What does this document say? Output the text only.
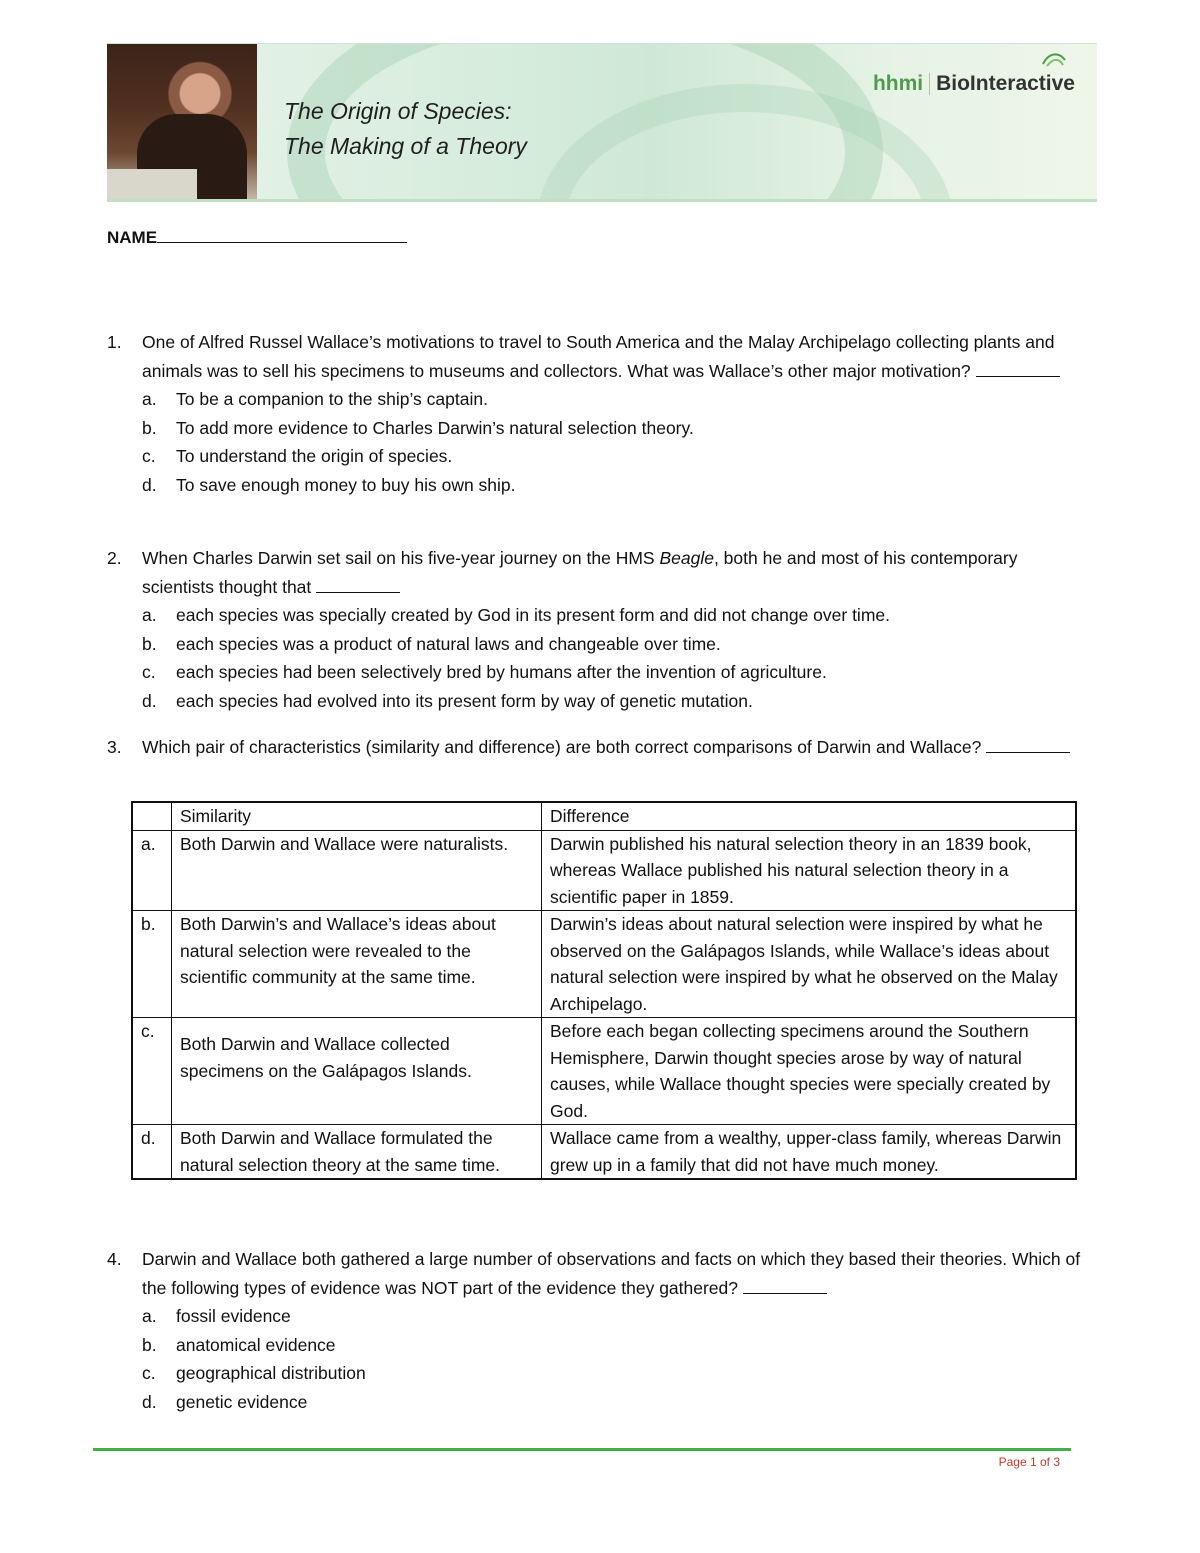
The Origin of Species:
The Making of a Theory
hhmi BioInteractive
NAME
1. One of Alfred Russel Wallace’s motivations to travel to South America and the Malay Archipelago collecting plants and animals was to sell his specimens to museums and collectors. What was Wallace’s other major motivation?
a. To be a companion to the ship’s captain.
b. To add more evidence to Charles Darwin’s natural selection theory.
c. To understand the origin of species.
d. To save enough money to buy his own ship.
2. When Charles Darwin set sail on his five-year journey on the HMS Beagle, both he and most of his contemporary scientists thought that
a. each species was specially created by God in its present form and did not change over time.
b. each species was a product of natural laws and changeable over time.
c. each species had been selectively bred by humans after the invention of agriculture.
d. each species had evolved into its present form by way of genetic mutation.
3. Which pair of characteristics (similarity and difference) are both correct comparisons of Darwin and Wallace?
	Similarity	Difference
a.	Both Darwin and Wallace were naturalists.	Darwin published his natural selection theory in an 1839 book, whereas Wallace published his natural selection theory in a scientific paper in 1859.
b.	Both Darwin’s and Wallace’s ideas about natural selection were revealed to the scientific community at the same time.	Darwin’s ideas about natural selection were inspired by what he observed on the Galápagos Islands, while Wallace’s ideas about natural selection were inspired by what he observed on the Malay Archipelago.
c.	Both Darwin and Wallace collected specimens on the Galápagos Islands.	Before each began collecting specimens around the Southern Hemisphere, Darwin thought species arose by way of natural causes, while Wallace thought species were specially created by God.
d.	Both Darwin and Wallace formulated the natural selection theory at the same time.	Wallace came from a wealthy, upper-class family, whereas Darwin grew up in a family that did not have much money.
4. Darwin and Wallace both gathered a large number of observations and facts on which they based their theories. Which of the following types of evidence was NOT part of the evidence they gathered?
a. fossil evidence
b. anatomical evidence
c. geographical distribution
d. genetic evidence
Page 1 of 3
